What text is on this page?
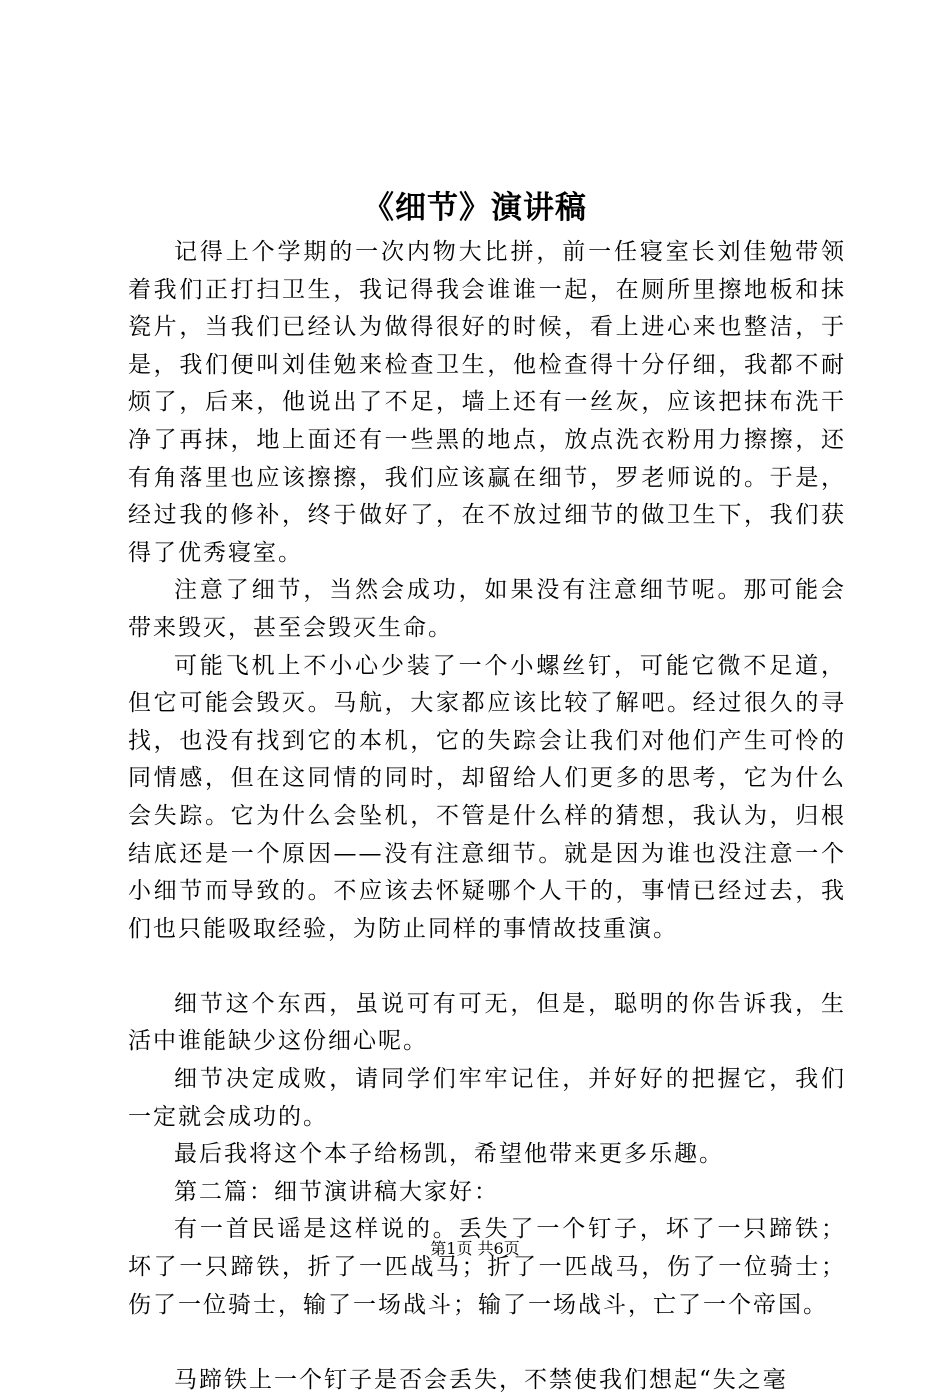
《细节》演讲稿

记得上个学期的一次内物大比拼，前一任寝室长刘佳勉带领着我们正打扫卫生，我记得我会谁谁一起，在厕所里擦地板和抹瓷片，当我们已经认为做得很好的时候，看上进心来也整洁，于是，我们便叫刘佳勉来检查卫生，他检查得十分仔细，我都不耐烦了，后来，他说出了不足，墙上还有一丝灰，应该把抹布洗干净了再抹，地上面还有一些黑的地点，放点洗衣粉用力擦擦，还有角落里也应该擦擦，我们应该赢在细节，罗老师说的。于是，经过我的修补，终于做好了，在不放过细节的做卫生下，我们获得了优秀寝室。

注意了细节，当然会成功，如果没有注意细节呢。那可能会带来毁灭，甚至会毁灭生命。

可能飞机上不小心少装了一个小螺丝钉，可能它微不足道，但它可能会毁灭。马航，大家都应该比较了解吧。经过很久的寻找，也没有找到它的本机，它的失踪会让我们对他们产生可怜的同情感，但在这同情的同时，却留给人们更多的思考，它为什么会失踪。它为什么会坠机，不管是什么样的猜想，我认为，归根结底还是一个原因——没有注意细节。就是因为谁也没注意一个小细节而导致的。不应该去怀疑哪个人干的，事情已经过去，我们也只能吸取经验，为防止同样的事情故技重演。

细节这个东西，虽说可有可无，但是，聪明的你告诉我，生活中谁能缺少这份细心呢。

细节决定成败，请同学们牢牢记住，并好好的把握它，我们一定就会成功的。

最后我将这个本子给杨凯，希望他带来更多乐趣。

第二篇：细节演讲稿大家好：

有一首民谣是这样说的。丢失了一个钉子，坏了一只蹄铁；坏了一只蹄铁，折了一匹战马；折了一匹战马，伤了一位骑士；伤了一位骑士，输了一场战斗；输了一场战斗，亡了一个帝国。

马蹄铁上一个钉子是否会丢失，不禁使我们想起“失之毫

第1页 共6页
